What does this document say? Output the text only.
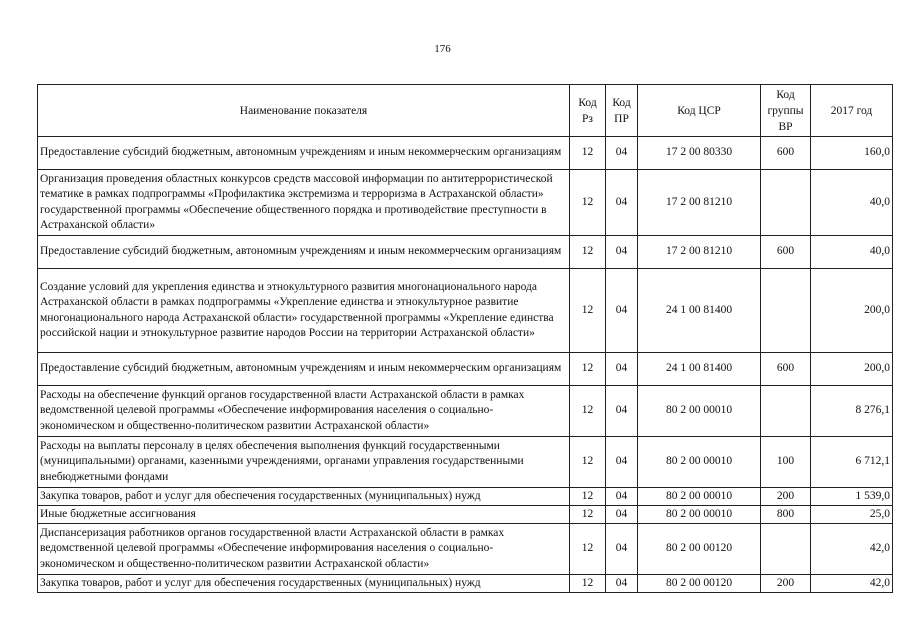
176
Наименование показателя	Код Рз	Код ПР	Код ЦСР	Код группы ВР	2017 год
Предоставление субсидий бюджетным, автономным учреждениям и иным некоммерческим организациям	12	04	17 2 00 80330	600	160,0
Организация проведения областных конкурсов средств массовой информации по антитеррористической тематике в рамках подпрограммы «Профилактика экстремизма и терроризма в Астраханской области» государственной программы «Обеспечение общественного порядка и противодействие преступности в Астраханской области»	12	04	17 2 00 81210		40,0
Предоставление субсидий бюджетным, автономным учреждениям и иным некоммерческим организациям	12	04	17 2 00 81210	600	40,0
Создание условий для укрепления единства и этнокультурного развития многонационального народа Астраханской области в рамках подпрограммы «Укрепление единства и этнокультурное развитие многонационального народа Астраханской области» государственной программы «Укрепление единства российской нации и этнокультурное развитие народов России на территории Астраханской области»	12	04	24 1 00 81400		200,0
Предоставление субсидий бюджетным, автономным учреждениям и иным некоммерческим организациям	12	04	24 1 00 81400	600	200,0
Расходы на обеспечение функций органов государственной власти Астраханской области в рамках ведомственной целевой программы «Обеспечение информирования населения о социально-экономическом и общественно-политическом развитии Астраханской области»	12	04	80 2 00 00010		8 276,1
Расходы на выплаты персоналу в целях обеспечения выполнения функций государственными (муниципальными) органами, казенными учреждениями, органами управления государственными внебюджетными фондами	12	04	80 2 00 00010	100	6 712,1
Закупка товаров, работ и услуг для обеспечения государственных (муниципальных) нужд	12	04	80 2 00 00010	200	1 539,0
Иные бюджетные ассигнования	12	04	80 2 00 00010	800	25,0
Диспансеризация работников органов государственной власти Астраханской области в рамках ведомственной целевой программы «Обеспечение информирования населения о социально-экономическом и общественно-политическом развитии Астраханской области»	12	04	80 2 00 00120		42,0
Закупка товаров, работ и услуг для обеспечения государственных (муниципальных) нужд	12	04	80 2 00 00120	200	42,0
